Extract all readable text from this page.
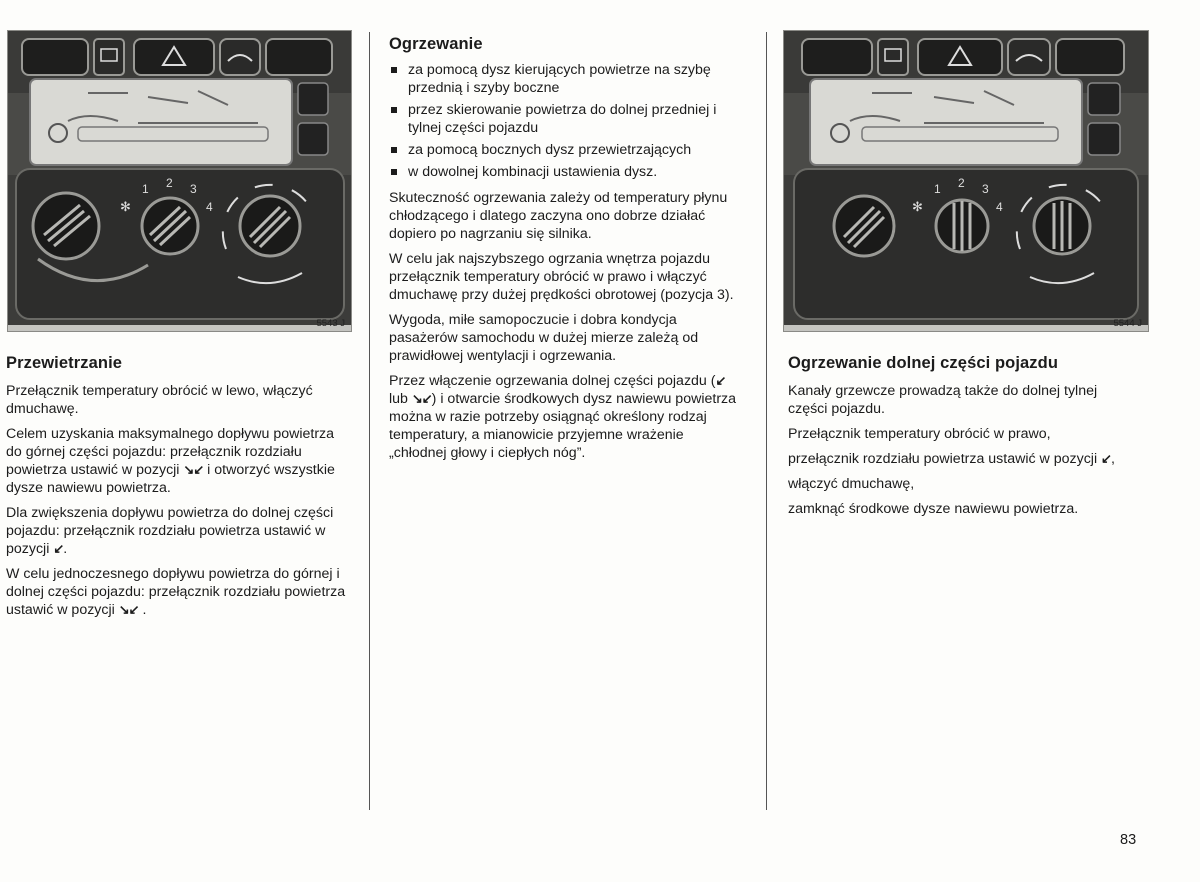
✻
1 2 3
4
5543 J
✻
1 2 3
4
5544 J
Przewietrzanie

Przełącznik temperatury obrócić w lewo, włączyć dmuchawę.

Celem uzyskania maksymalnego dopływu powietrza do górnej części pojazdu: przełącznik rozdziału powietrza ustawić w pozycji ↘↙ i otworzyć wszystkie dysze nawiewu powietrza.

Dla zwiększenia dopływu powietrza do dolnej części pojazdu: przełącznik rozdziału powietrza ustawić w pozycji ↙.

W celu jednoczesnego dopływu powietrza do górnej i dolnej części pojazdu: przełącznik rozdziału powietrza ustawić w pozycji ↘↙ .

Ogrzewanie
za pomocą dysz kierujących powietrze na szybę przednią i szyby boczne
przez skierowanie powietrza do dolnej przedniej i tylnej części pojazdu
za pomocą bocznych dysz przewietrzających
w dowolnej kombinacji ustawienia dysz.

Skuteczność ogrzewania zależy od temperatury płynu chłodzącego i dlatego zaczyna ono dobrze działać dopiero po nagrzaniu się silnika.

W celu jak najszybszego ogrzania wnętrza pojazdu przełącznik temperatury obrócić w prawo i włączyć dmuchawę przy dużej prędkości obrotowej (pozycja 3).

Wygoda, miłe samopoczucie i dobra kondycja pasażerów samochodu w dużej mierze zależą od prawidłowej wentylacji i ogrzewania.

Przez włączenie ogrzewania dolnej części pojazdu (↙ lub ↘↙) i otwarcie środkowych dysz nawiewu powietrza można w razie potrzeby osiągnąć określony rodzaj temperatury, a mianowicie przyjemne wrażenie „chłodnej głowy i ciepłych nóg”.

Ogrzewanie dolnej części pojazdu

Kanały grzewcze prowadzą także do dolnej tylnej części pojazdu.

Przełącznik temperatury obrócić w prawo,

przełącznik rozdziału powietrza ustawić w pozycji ↙,

włączyć dmuchawę,

zamknąć środkowe dysze nawiewu powietrza.

83
